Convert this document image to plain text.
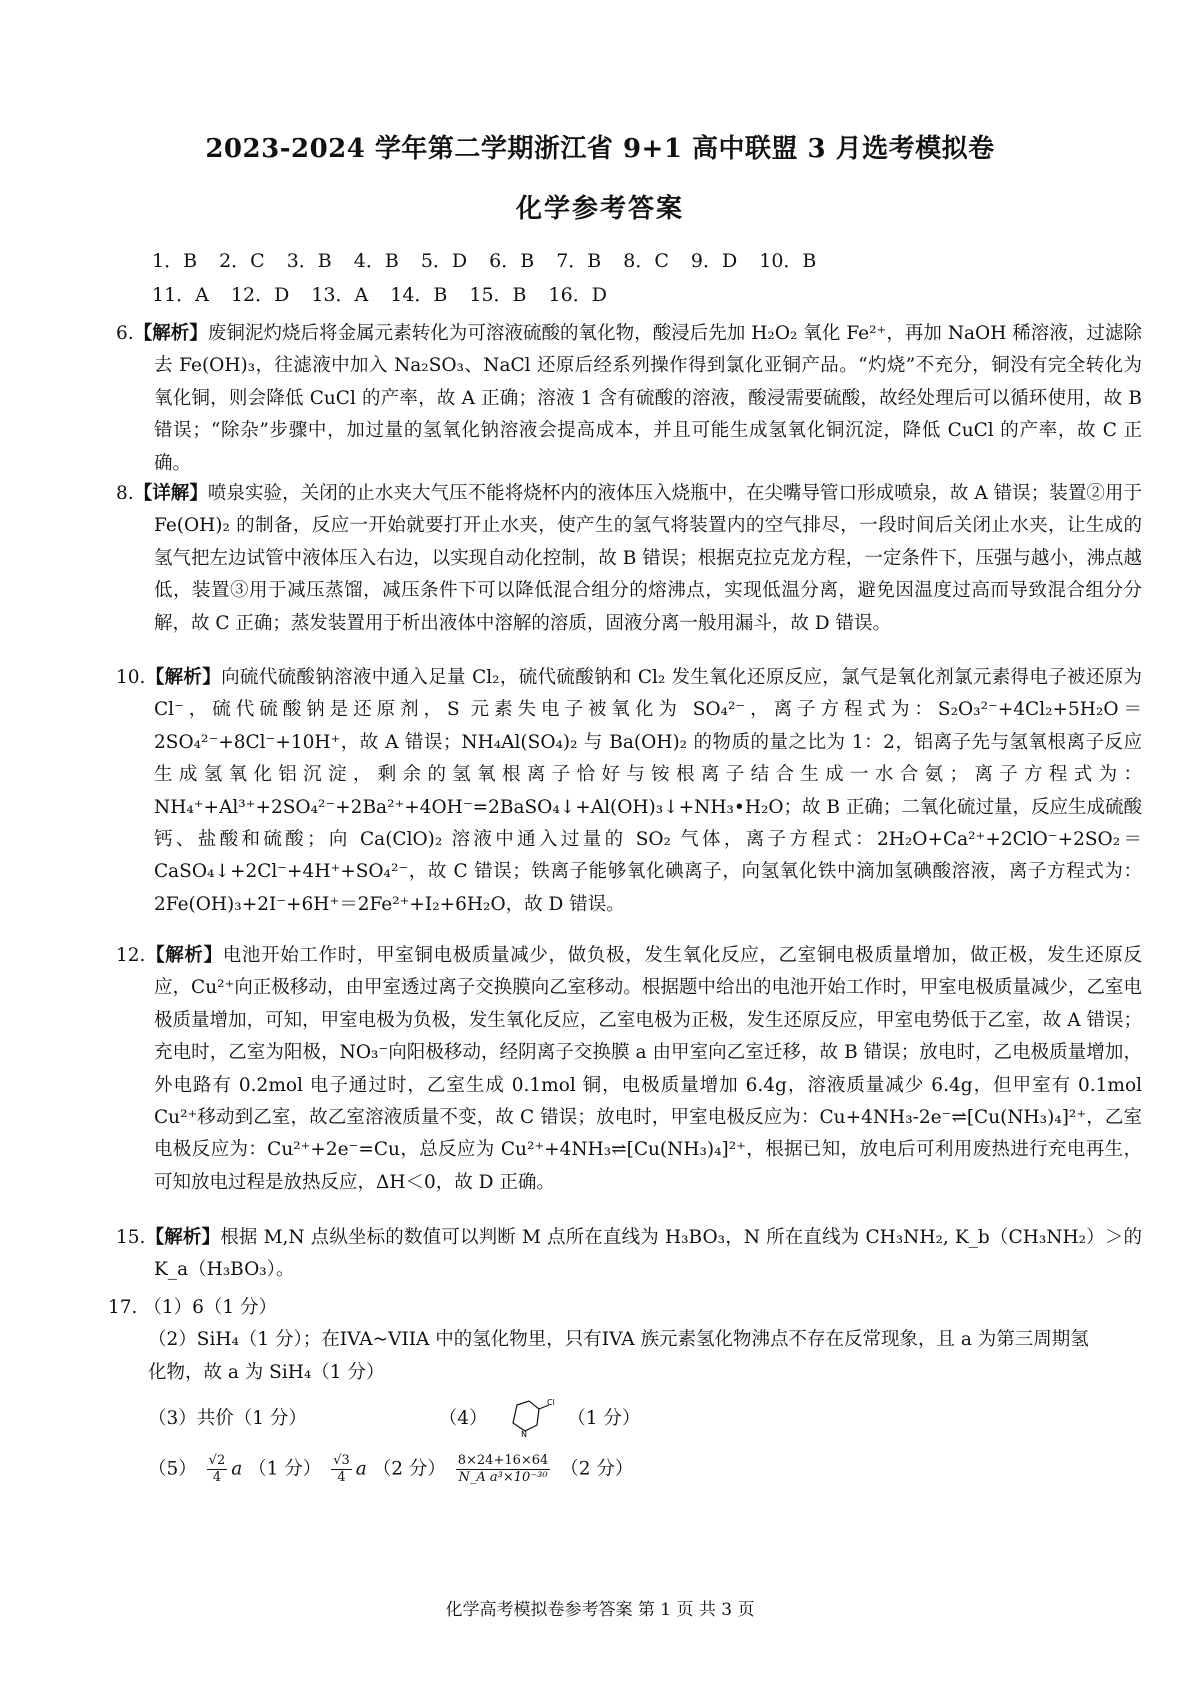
2023-2024 学年第二学期浙江省 9+1 高中联盟 3 月选考模拟卷
化学参考答案
1．B 2．C 3．B 4．B 5．D 6．B 7．B 8．C 9．D 10．B
11．A 12．D 13．A 14．B 15．B 16．D
6.【解析】废铜泥灼烧后将金属元素转化为可溶液硫酸的氧化物，酸浸后先加 H₂O₂ 氧化 Fe²⁺，再加 NaOH 稀溶液，过滤除去 Fe(OH)₃，往滤液中加入 Na₂SO₃、NaCl 还原后经系列操作得到氯化亚铜产品。“灼烧”不充分，铜没有完全转化为氧化铜，则会降低 CuCl 的产率，故 A 正确；溶液 1 含有硫酸的溶液，酸浸需要硫酸，故经处理后可以循环使用，故 B 错误；“除杂”步骤中，加过量的氢氧化钠溶液会提高成本，并且可能生成氢氧化铜沉淀，降低 CuCl 的产率，故 C 正确。
8.【详解】喷泉实验，关闭的止水夹大气压不能将烧杯内的液体压入烧瓶中，在尖嘴导管口形成喷泉，故 A 错误；装置②用于 Fe(OH)₂ 的制备，反应一开始就要打开止水夹，使产生的氢气将装置内的空气排尽，一段时间后关闭止水夹，让生成的氢气把左边试管中液体压入右边，以实现自动化控制，故 B 错误；根据克拉克龙方程，一定条件下，压强与越小，沸点越低，装置③用于减压蒸馏，减压条件下可以降低混合组分的熔沸点，实现低温分离，避免因温度过高而导致混合组分分解，故 C 正确；蒸发装置用于析出液体中溶解的溶质，固液分离一般用漏斗，故 D 错误。
10.【解析】向硫代硫酸钠溶液中通入足量 Cl₂，硫代硫酸钠和 Cl₂ 发生氧化还原反应，氯气是氧化剂氯元素得电子被还原为 Cl⁻，硫代硫酸钠是还原剂，S 元素失电子被氧化为 SO₄²⁻，离子方程式为：S₂O₃²⁻+4Cl₂+5H₂O＝2SO₄²⁻+8Cl⁻+10H⁺，故 A 错误；NH₄Al(SO₄)₂ 与 Ba(OH)₂ 的物质的量之比为 1：2，铝离子先与氢氧根离子反应生成氢氧化铝沉淀，剩余的氢氧根离子恰好与铵根离子结合生成一水合氨；离子方程式为：NH₄⁺+Al³⁺+2SO₄²⁻+2Ba²⁺+4OH⁻=2BaSO₄↓+Al(OH)₃↓+NH₃•H₂O；故 B 正确；二氧化硫过量，反应生成硫酸钙、盐酸和硫酸；向 Ca(ClO)₂ 溶液中通入过量的 SO₂ 气体，离子方程式：2H₂O+Ca²⁺+2ClO⁻+2SO₂＝CaSO₄↓+2Cl⁻+4H⁺+SO₄²⁻，故 C 错误；铁离子能够氧化碘离子，向氢氧化铁中滴加氢碘酸溶液，离子方程式为：2Fe(OH)₃+2I⁻+6H⁺＝2Fe²⁺+I₂+6H₂O，故 D 错误。
12.【解析】电池开始工作时，甲室铜电极质量减少，做负极，发生氧化反应，乙室铜电极质量增加，做正极，发生还原反应，Cu²⁺向正极移动，由甲室透过离子交换膜向乙室移动。根据题中给出的电池开始工作时，甲室电极质量减少，乙室电极质量增加，可知，甲室电极为负极，发生氧化反应，乙室电极为正极，发生还原反应，甲室电势低于乙室，故 A 错误；充电时，乙室为阳极，NO₃⁻向阳极移动，经阴离子交换膜 a 由甲室向乙室迁移，故 B 错误；放电时，乙电极质量增加，外电路有 0.2mol 电子通过时，乙室生成 0.1mol 铜，电极质量增加 6.4g，溶液质量减少 6.4g，但甲室有 0.1mol Cu²⁺移动到乙室，故乙室溶液质量不变，故 C 错误；放电时，甲室电极反应为：Cu+4NH₃-2e⁻⇌[Cu(NH₃)₄]²⁺，乙室电极反应为：Cu²⁺+2e⁻=Cu，总反应为 Cu²⁺+4NH₃⇌[Cu(NH₃)₄]²⁺，根据已知，放电后可利用废热进行充电再生，可知放电过程是放热反应，ΔH＜0，故 D 正确。
15.【解析】根据 M,N 点纵坐标的数值可以判断 M 点所在直线为 H₃BO₃，N 所在直线为 CH₃NH₂, K_b（CH₃NH₂）＞的 K_a（H₃BO₃）。

17. （1）6（1 分）

（2）SiH₄（1 分）；在IVA~VIIA 中的氢化物里，只有IVA 族元素氢化物沸点不存在反常现象，且 a 为第三周期氢化物，故 a 为 SiH₄（1 分）

（3）共价（1 分）	（4）
Cl
N
（1 分）

$(5) \frac{√2}{4}$ a （1 分） $\frac{√3}{4}$ a （2 分） $\frac{8\times 24+16\times 64}{\text{N\_A a³×10⁻³⁰}} (2$ 分）

化学高考模拟卷参考答案 第 1 页 共 3 页
